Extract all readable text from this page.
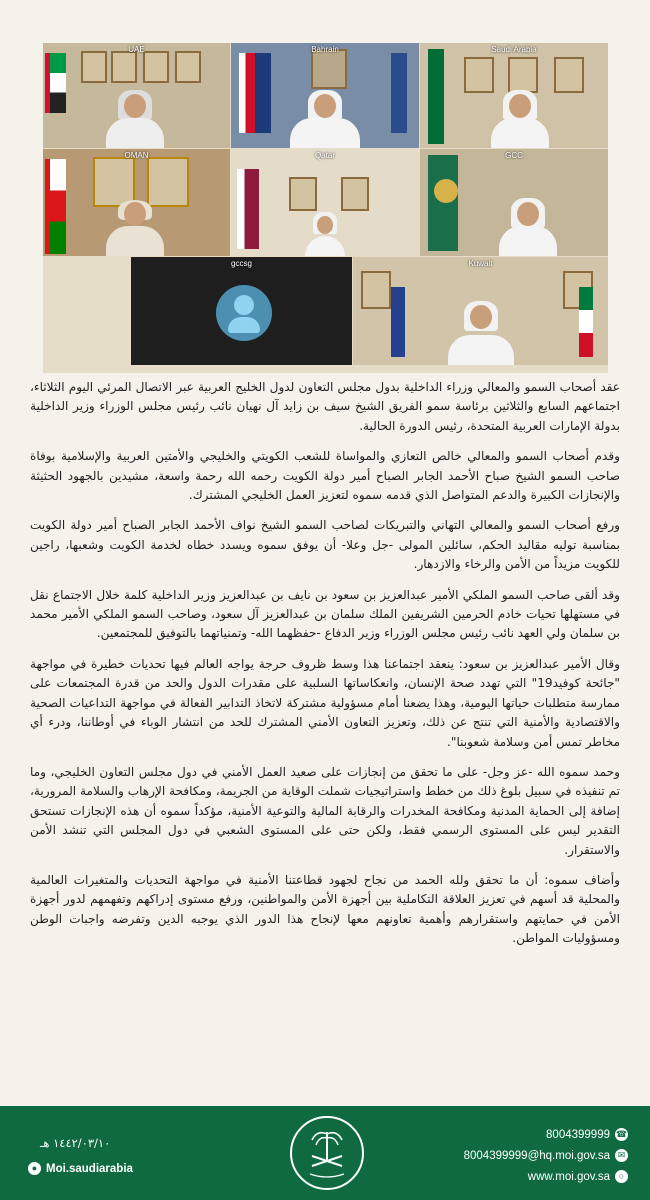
UAE	Bahrain	Saudi Arabia
OMAN	Qatar	GCC
gccsg	Kuwait

عقد أصحاب السمو والمعالي وزراء الداخلية بدول مجلس التعاون لدول الخليج العربية عبر الاتصال المرئي اليوم الثلاثاء، اجتماعهم السابع والثلاثين برئاسة سمو الفريق الشيخ سيف بن زايد آل نهيان نائب رئيس مجلس الوزراء وزير الداخلية بدولة الإمارات العربية المتحدة، رئيس الدورة الحالية.

وقدم أصحاب السمو والمعالي خالص التعازي والمواساة للشعب الكويتي والخليجي والأمتين العربية والإسلامية بوفاة صاحب السمو الشيخ صباح الأحمد الجابر الصباح أمير دولة الكويت رحمه الله رحمة واسعة، مشيدين بالجهود الحثيثة والإنجازات الكبيرة والدعم المتواصل الذي قدمه سموه لتعزيز العمل الخليجي المشترك.

ورفع أصحاب السمو والمعالي التهاني والتبريكات لصاحب السمو الشيخ نواف الأحمد الجابر الصباح أمير دولة الكويت بمناسبة توليه مقاليد الحكم، سائلين المولى -جل وعلا- أن يوفق سموه ويسدد خطاه لخدمة الكويت وشعبها، راجين للكويت مزيداً من الأمن والرخاء والازدهار.

وقد ألقى صاحب السمو الملكي الأمير عبدالعزيز بن سعود بن نايف بن عبدالعزيز وزير الداخلية كلمة خلال الاجتماع نقل في مستهلها تحيات خادم الحرمين الشريفين الملك سلمان بن عبدالعزيز آل سعود، وصاحب السمو الملكي الأمير محمد بن سلمان ولي العهد نائب رئيس مجلس الوزراء وزير الدفاع -حفظهما الله- وتمنياتهما بالتوفيق للمجتمعين.

وقال الأمير عبدالعزيز بن سعود: ينعقد اجتماعنا هذا وسط ظروف حرجة يواجه العالم فيها تحديات خطيرة في مواجهة "جائحة كوفيد19" التي تهدد صحة الإنسان، وانعكاساتها السلبية على مقدرات الدول والحد من قدرة المجتمعات على ممارسة متطلبات حياتها اليومية، وهذا يضعنا أمام مسؤولية مشتركة لاتخاذ التدابير الفعالة في مواجهة التداعيات الصحية والاقتصادية والأمنية التي تنتج عن ذلك، وتعزيز التعاون الأمني المشترك للحد من انتشار الوباء في أوطاننا، ودرء أي مخاطر تمس أمن وسلامة شعوبنا".

وحمد سموه الله -عز وجل- على ما تحقق من إنجازات على صعيد العمل الأمني في دول مجلس التعاون الخليجي، وما تم تنفيذه في سبيل بلوغ ذلك من خطط واستراتيجيات شملت الوقاية من الجريمة، ومكافحة الإرهاب والسلامة المرورية، إضافة إلى الحماية المدنية ومكافحة المخدرات والرقابة المالية والتوعية الأمنية، مؤكداً سموه أن هذه الإنجازات تستحق التقدير ليس على المستوى الرسمي فقط، ولكن حتى على المستوى الشعبي في دول المجلس التي تنشد الأمن والاستقرار.

وأضاف سموه: أن ما تحقق ولله الحمد من نجاح لجهود قطاعتنا الأمنية في مواجهة التحديات والمتغيرات العالمية والمحلية قد أسهم في تعزيز العلاقة التكاملية بين أجهزة الأمن والمواطنين، ورفع مستوى إدراكهم وتفهمهم لدور أجهزة الأمن في حمايتهم واستقرارهم وأهمية تعاونهم معها لإنجاح هذا الدور الذي يوجبه الدين وتفرضه واجبات الوطن ومسؤوليات المواطن.

١٤٤٢/٠٣/١٠ هـ
● Moi.saudiarabia
8004399999 ☎
8004399999@hq.moi.gov.sa ✉
www.moi.gov.sa ○
